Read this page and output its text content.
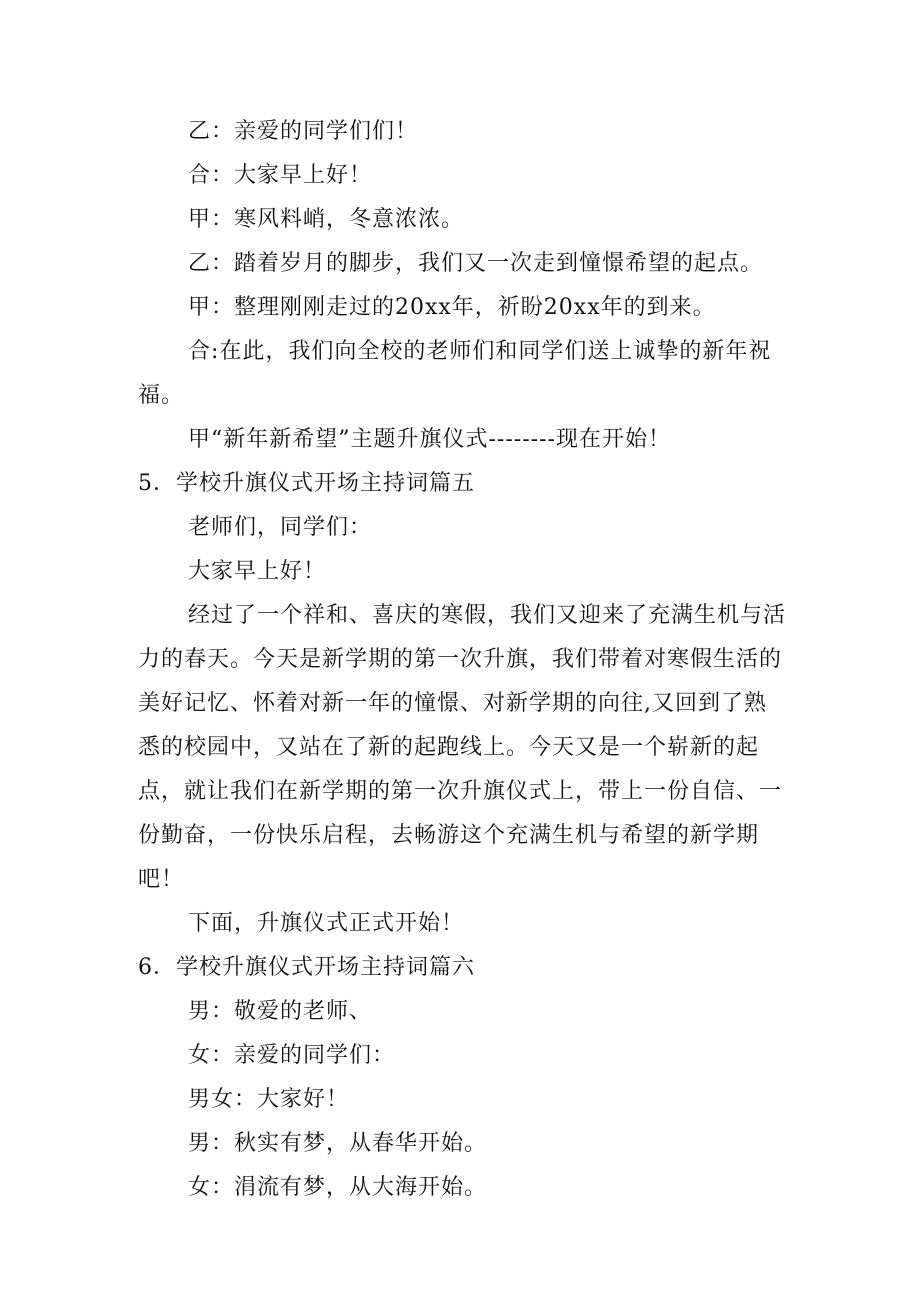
乙：亲爱的同学们们！

合：大家早上好！

甲：寒风料峭，冬意浓浓。

乙：踏着岁月的脚步，我们又一次走到憧憬希望的起点。

甲：整理刚刚走过的20xx年，祈盼20xx年的到来。

合:在此，我们向全校的老师们和同学们送上诚挚的新年祝福。

甲“新年新希望”主题升旗仪式--------现在开始！

5．学校升旗仪式开场主持词篇五

老师们，同学们：

大家早上好！

经过了一个祥和、喜庆的寒假，我们又迎来了充满生机与活力的春天。今天是新学期的第一次升旗，我们带着对寒假生活的美好记忆、怀着对新一年的憧憬、对新学期的向往,又回到了熟悉的校园中，又站在了新的起跑线上。今天又是一个崭新的起点，就让我们在新学期的第一次升旗仪式上，带上一份自信、一份勤奋，一份快乐启程，去畅游这个充满生机与希望的新学期吧！

下面，升旗仪式正式开始！

6．学校升旗仪式开场主持词篇六

男：敬爱的老师、

女：亲爱的同学们：

男女：大家好！

男：秋实有梦，从春华开始。

女：涓流有梦，从大海开始。
